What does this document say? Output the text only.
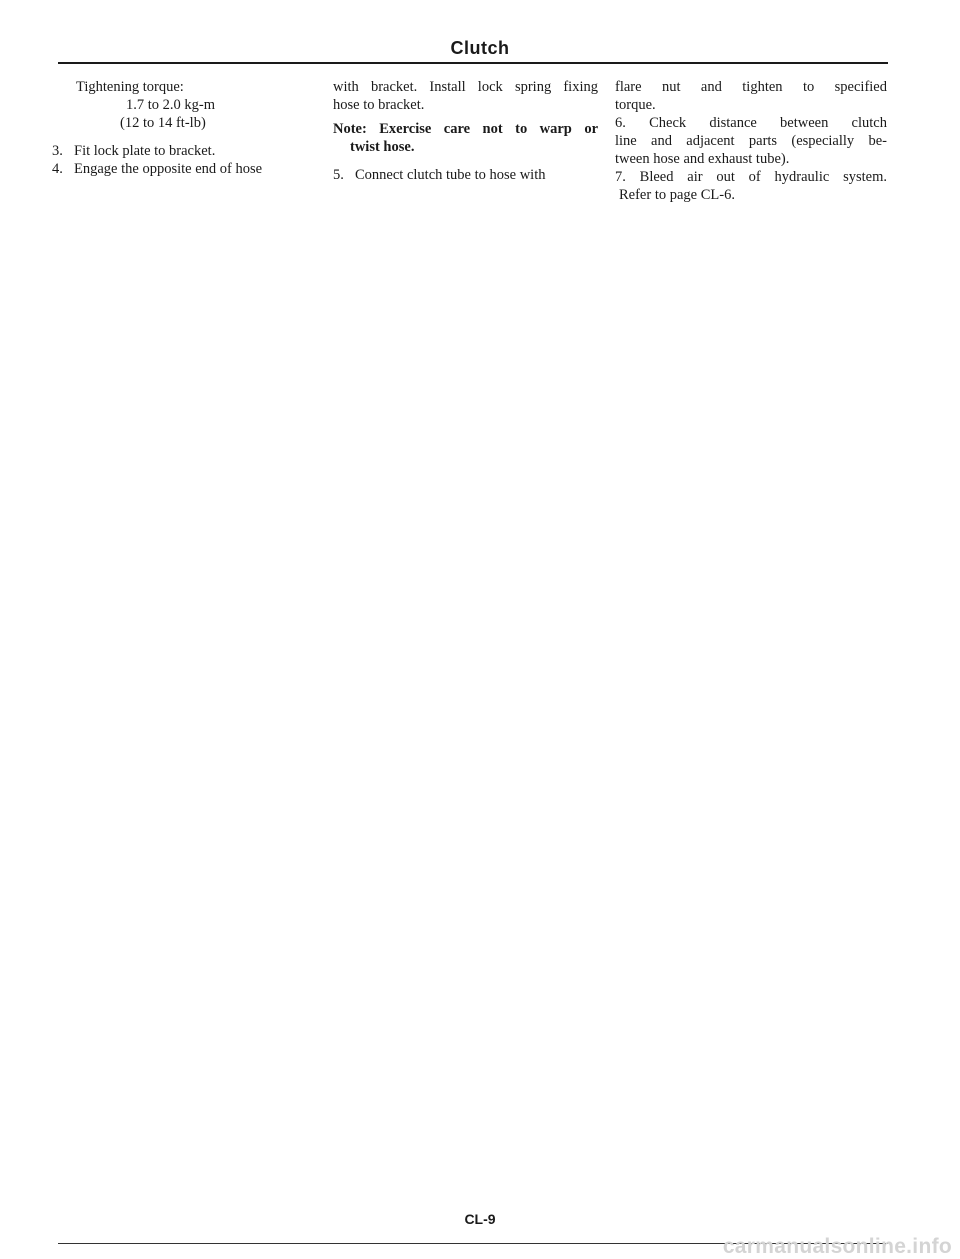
Clutch
Tightening torque:
1.7 to 2.0 kg-m
(12 to 14 ft-lb)
3. Fit lock plate to bracket.
4. Engage the opposite end of hose
with bracket. Install lock spring fixing
hose to bracket.
Note: Exercise care not to warp or
twist hose.
5. Connect clutch tube to hose with
flare nut and tighten to specified
torque.
6. Check distance between clutch
line and adjacent parts (especially be-
tween hose and exhaust tube).
7. Bleed air out of hydraulic system.
Refer to page CL-6.
CL-9
carmanualsonline.info
